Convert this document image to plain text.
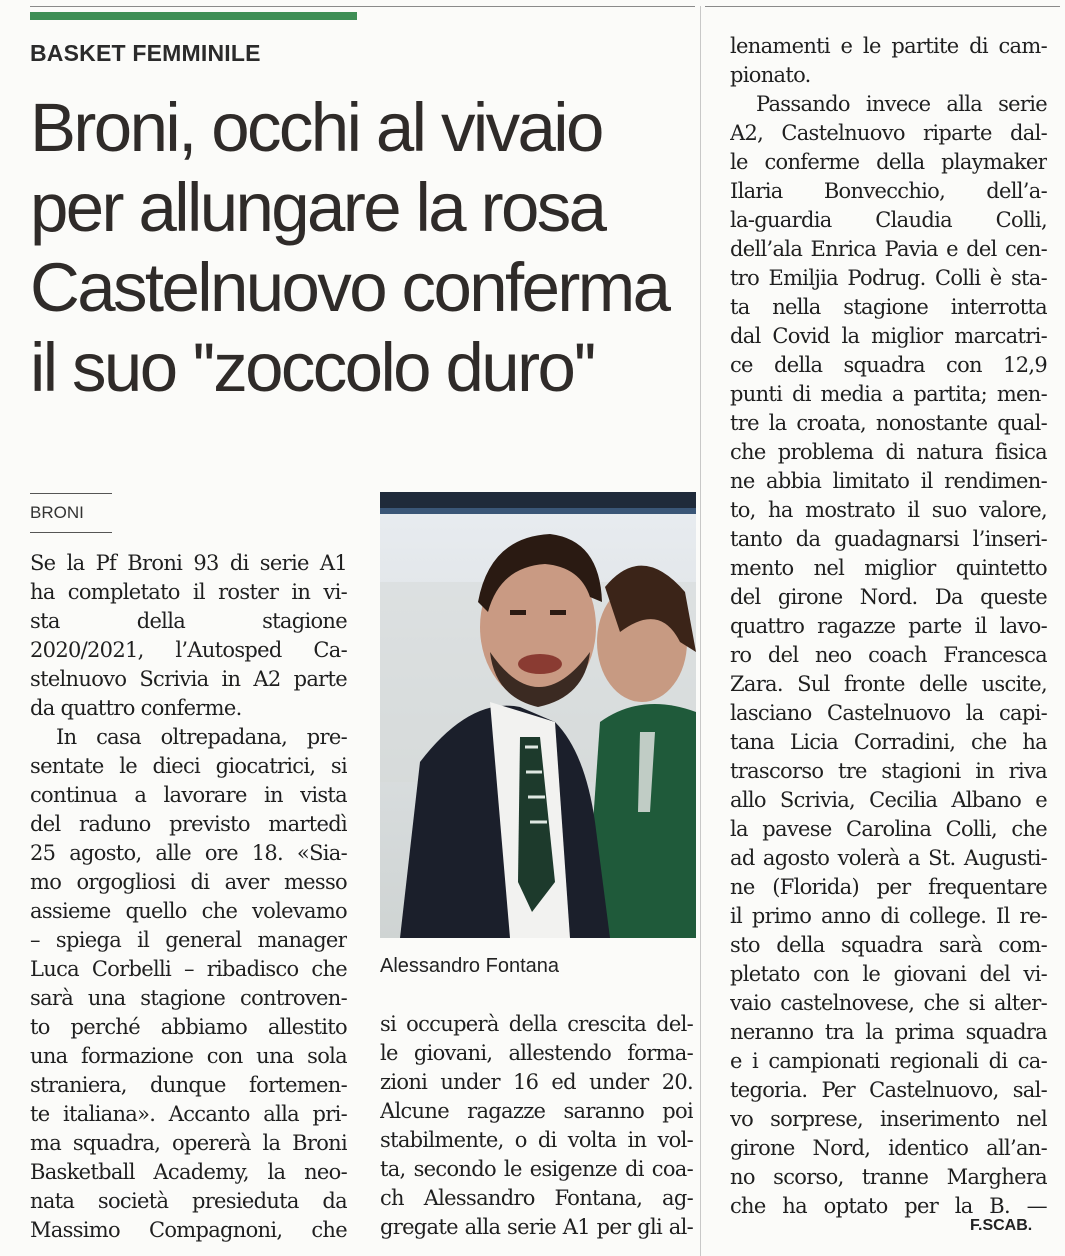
BASKET FEMMINILE
Broni, occhi al vivaio
per allungare la rosa
Castelnuovo conferma
il suo ''zoccolo duro''
BRONI
Se la Pf Broni 93 di serie A1
ha completato il roster in vi-
sta della stagione
2020/2021, l’Autosped Ca-
stelnuovo Scrivia in A2 parte
da quattro conferme.
In casa oltrepadana, pre-
sentate le dieci giocatrici, si
continua a lavorare in vista
del raduno previsto martedì
25 agosto, alle ore 18. «Sia-
mo orgogliosi di aver messo
assieme quello che volevamo
– spiega il general manager
Luca Corbelli – ribadisco che
sarà una stagione controven-
to perché abbiamo allestito
una formazione con una sola
straniera, dunque fortemen-
te italiana». Accanto alla pri-
ma squadra, opererà la Broni
Basketball Academy, la neo-
nata società presieduta da
Massimo Compagnoni, che
Alessandro Fontana
si occuperà della crescita del-
le giovani, allestendo forma-
zioni under 16 ed under 20.
Alcune ragazze saranno poi
stabilmente, o di volta in vol-
ta, secondo le esigenze di coa-
ch Alessandro Fontana, ag-
gregate alla serie A1 per gli al-
lenamenti e le partite di cam-
pionato.
Passando invece alla serie
A2, Castelnuovo riparte dal-
le conferme della playmaker
Ilaria Bonvecchio, dell’a-
la-guardia Claudia Colli,
dell’ala Enrica Pavia e del cen-
tro Emiljia Podrug. Colli è sta-
ta nella stagione interrotta
dal Covid la miglior marcatri-
ce della squadra con 12,9
punti di media a partita; men-
tre la croata, nonostante qual-
che problema di natura fisica
ne abbia limitato il rendimen-
to, ha mostrato il suo valore,
tanto da guadagnarsi l’inseri-
mento nel miglior quintetto
del girone Nord. Da queste
quattro ragazze parte il lavo-
ro del neo coach Francesca
Zara. Sul fronte delle uscite,
lasciano Castelnuovo la capi-
tana Licia Corradini, che ha
trascorso tre stagioni in riva
allo Scrivia, Cecilia Albano e
la pavese Carolina Colli, che
ad agosto volerà a St. Augusti-
ne (Florida) per frequentare
il primo anno di college. Il re-
sto della squadra sarà com-
pletato con le giovani del vi-
vaio castelnovese, che si alter-
neranno tra la prima squadra
e i campionati regionali di ca-
tegoria. Per Castelnuovo, sal-
vo sorprese, inserimento nel
girone Nord, identico all’an-
no scorso, tranne Marghera
che ha optato per la B. —
F.SCAB.
